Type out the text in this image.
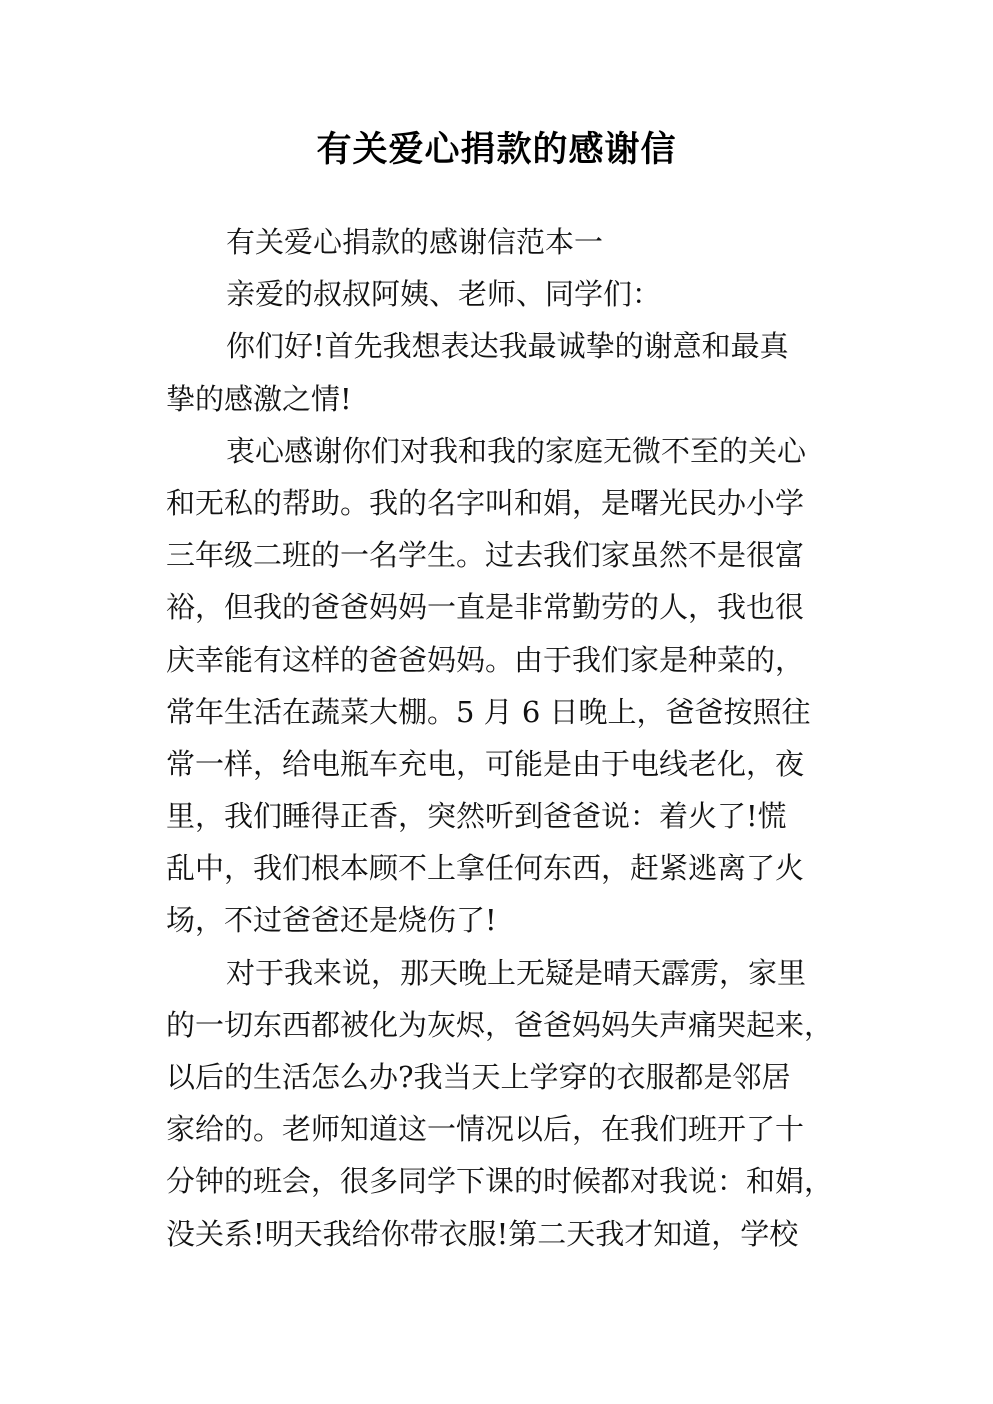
有关爱心捐款的感谢信
有关爱心捐款的感谢信范本一
亲爱的叔叔阿姨、老师、同学们：
你们好!首先我想表达我最诚挚的谢意和最真
挚的感激之情!
衷心感谢你们对我和我的家庭无微不至的关心
和无私的帮助。我的名字叫和娟，是曙光民办小学
三年级二班的一名学生。过去我们家虽然不是很富
裕，但我的爸爸妈妈一直是非常勤劳的人，我也很
庆幸能有这样的爸爸妈妈。由于我们家是种菜的，
常年生活在蔬菜大棚。5 月 6 日晚上，爸爸按照往
常一样，给电瓶车充电，可能是由于电线老化，夜
里，我们睡得正香，突然听到爸爸说：着火了!慌
乱中，我们根本顾不上拿任何东西，赶紧逃离了火
场，不过爸爸还是烧伤了!
对于我来说，那天晚上无疑是晴天霹雳，家里
的一切东西都被化为灰烬，爸爸妈妈失声痛哭起来，
以后的生活怎么办?我当天上学穿的衣服都是邻居
家给的。老师知道这一情况以后，在我们班开了十
分钟的班会，很多同学下课的时候都对我说：和娟，
没关系!明天我给你带衣服!第二天我才知道，学校
